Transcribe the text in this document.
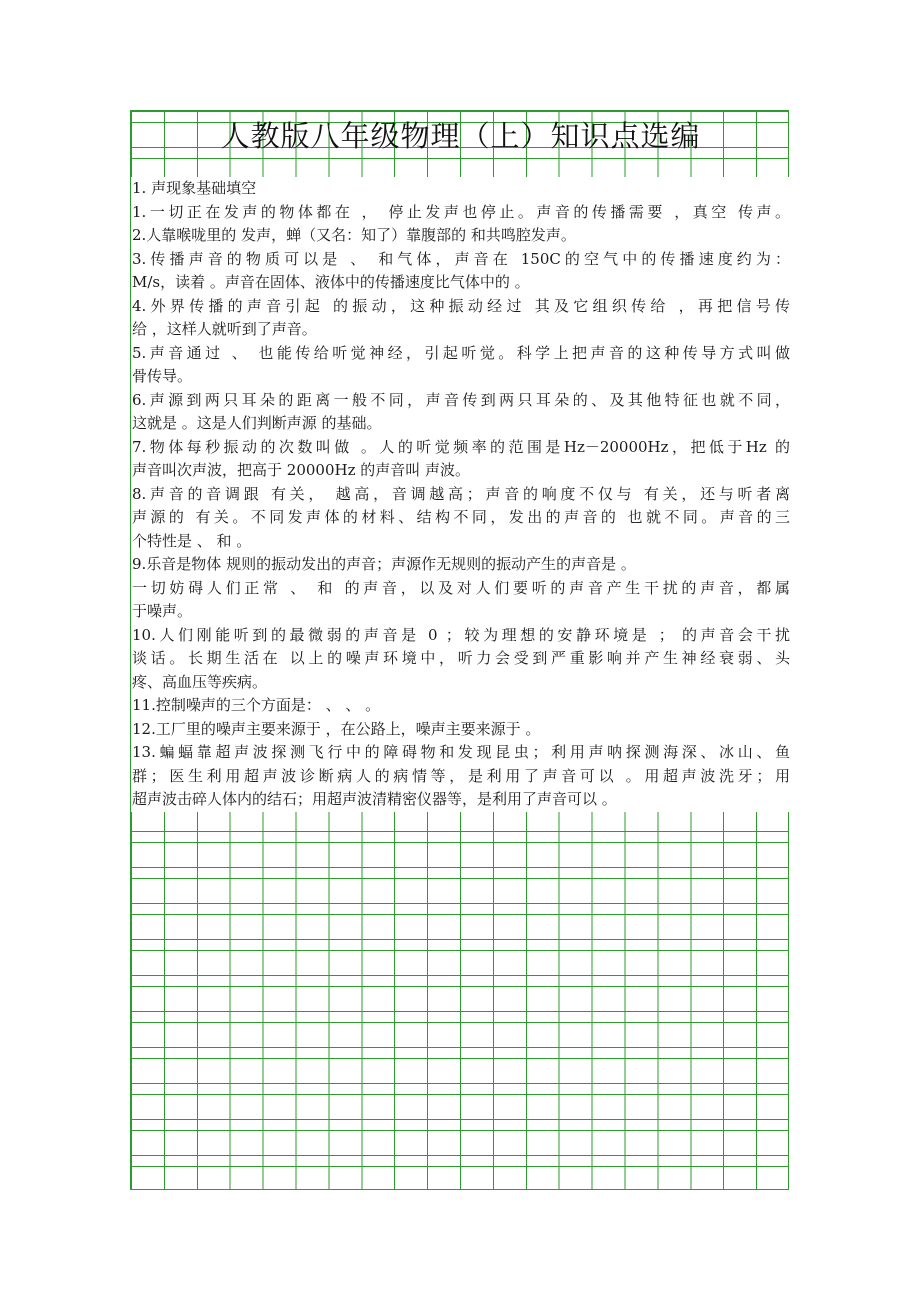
人教版八年级物理（上）知识点选编
1. 声现象基础填空
1.一切正在发声的物体都在 ， 停止发声也停止。声音的传播需要 ，真空 传声。
2.人靠喉咙里的 发声，蝉（又名：知了）靠腹部的 和共鸣腔发声。
3.传播声音的物质可以是 、 和气体，声音在 150C的空气中的传播速度约为：
M/s，读着 。声音在固体、液体中的传播速度比气体中的 。
4.外界传播的声音引起 的振动，这种振动经过 其及它组织传给 ，再把信号传
给 ，这样人就听到了声音。
5.声音通过 、 也能传给听觉神经，引起听觉。科学上把声音的这种传导方式叫做
骨传导。
6.声源到两只耳朵的距离一般不同，声音传到两只耳朵的、及其他特征也就不同，
这就是 。这是人们判断声源 的基础。
7.物体每秒振动的次数叫做 。人的听觉频率的范围是Hz－20000Hz，把低于Hz 的
声音叫次声波，把高于 20000Hz 的声音叫 声波。
8.声音的音调跟 有关， 越高，音调越高；声音的响度不仅与 有关，还与听者离
声源的 有关。不同发声体的材料、结构不同，发出的声音的 也就不同。声音的三
个特性是 、 和 。
9.乐音是物体 规则的振动发出的声音；声源作无规则的振动产生的声音是 。
一切妨碍人们正常 、 和 的声音，以及对人们要听的声音产生干扰的声音，都属
于噪声。
10.人们刚能听到的最微弱的声音是 0 ；较为理想的安静环境是 ； 的声音会干扰
谈话。长期生活在 以上的噪声环境中，听力会受到严重影响并产生神经衰弱、头
疼、高血压等疾病。
11.控制噪声的三个方面是： 、 、 。
12.工厂里的噪声主要来源于 ，在公路上，噪声主要来源于 。
13.蝙蝠靠超声波探测飞行中的障碍物和发现昆虫；利用声呐探测海深、冰山、鱼
群；医生利用超声波诊断病人的病情等，是利用了声音可以 。用超声波洗牙；用
超声波击碎人体内的结石；用超声波清精密仪器等，是利用了声音可以 。
